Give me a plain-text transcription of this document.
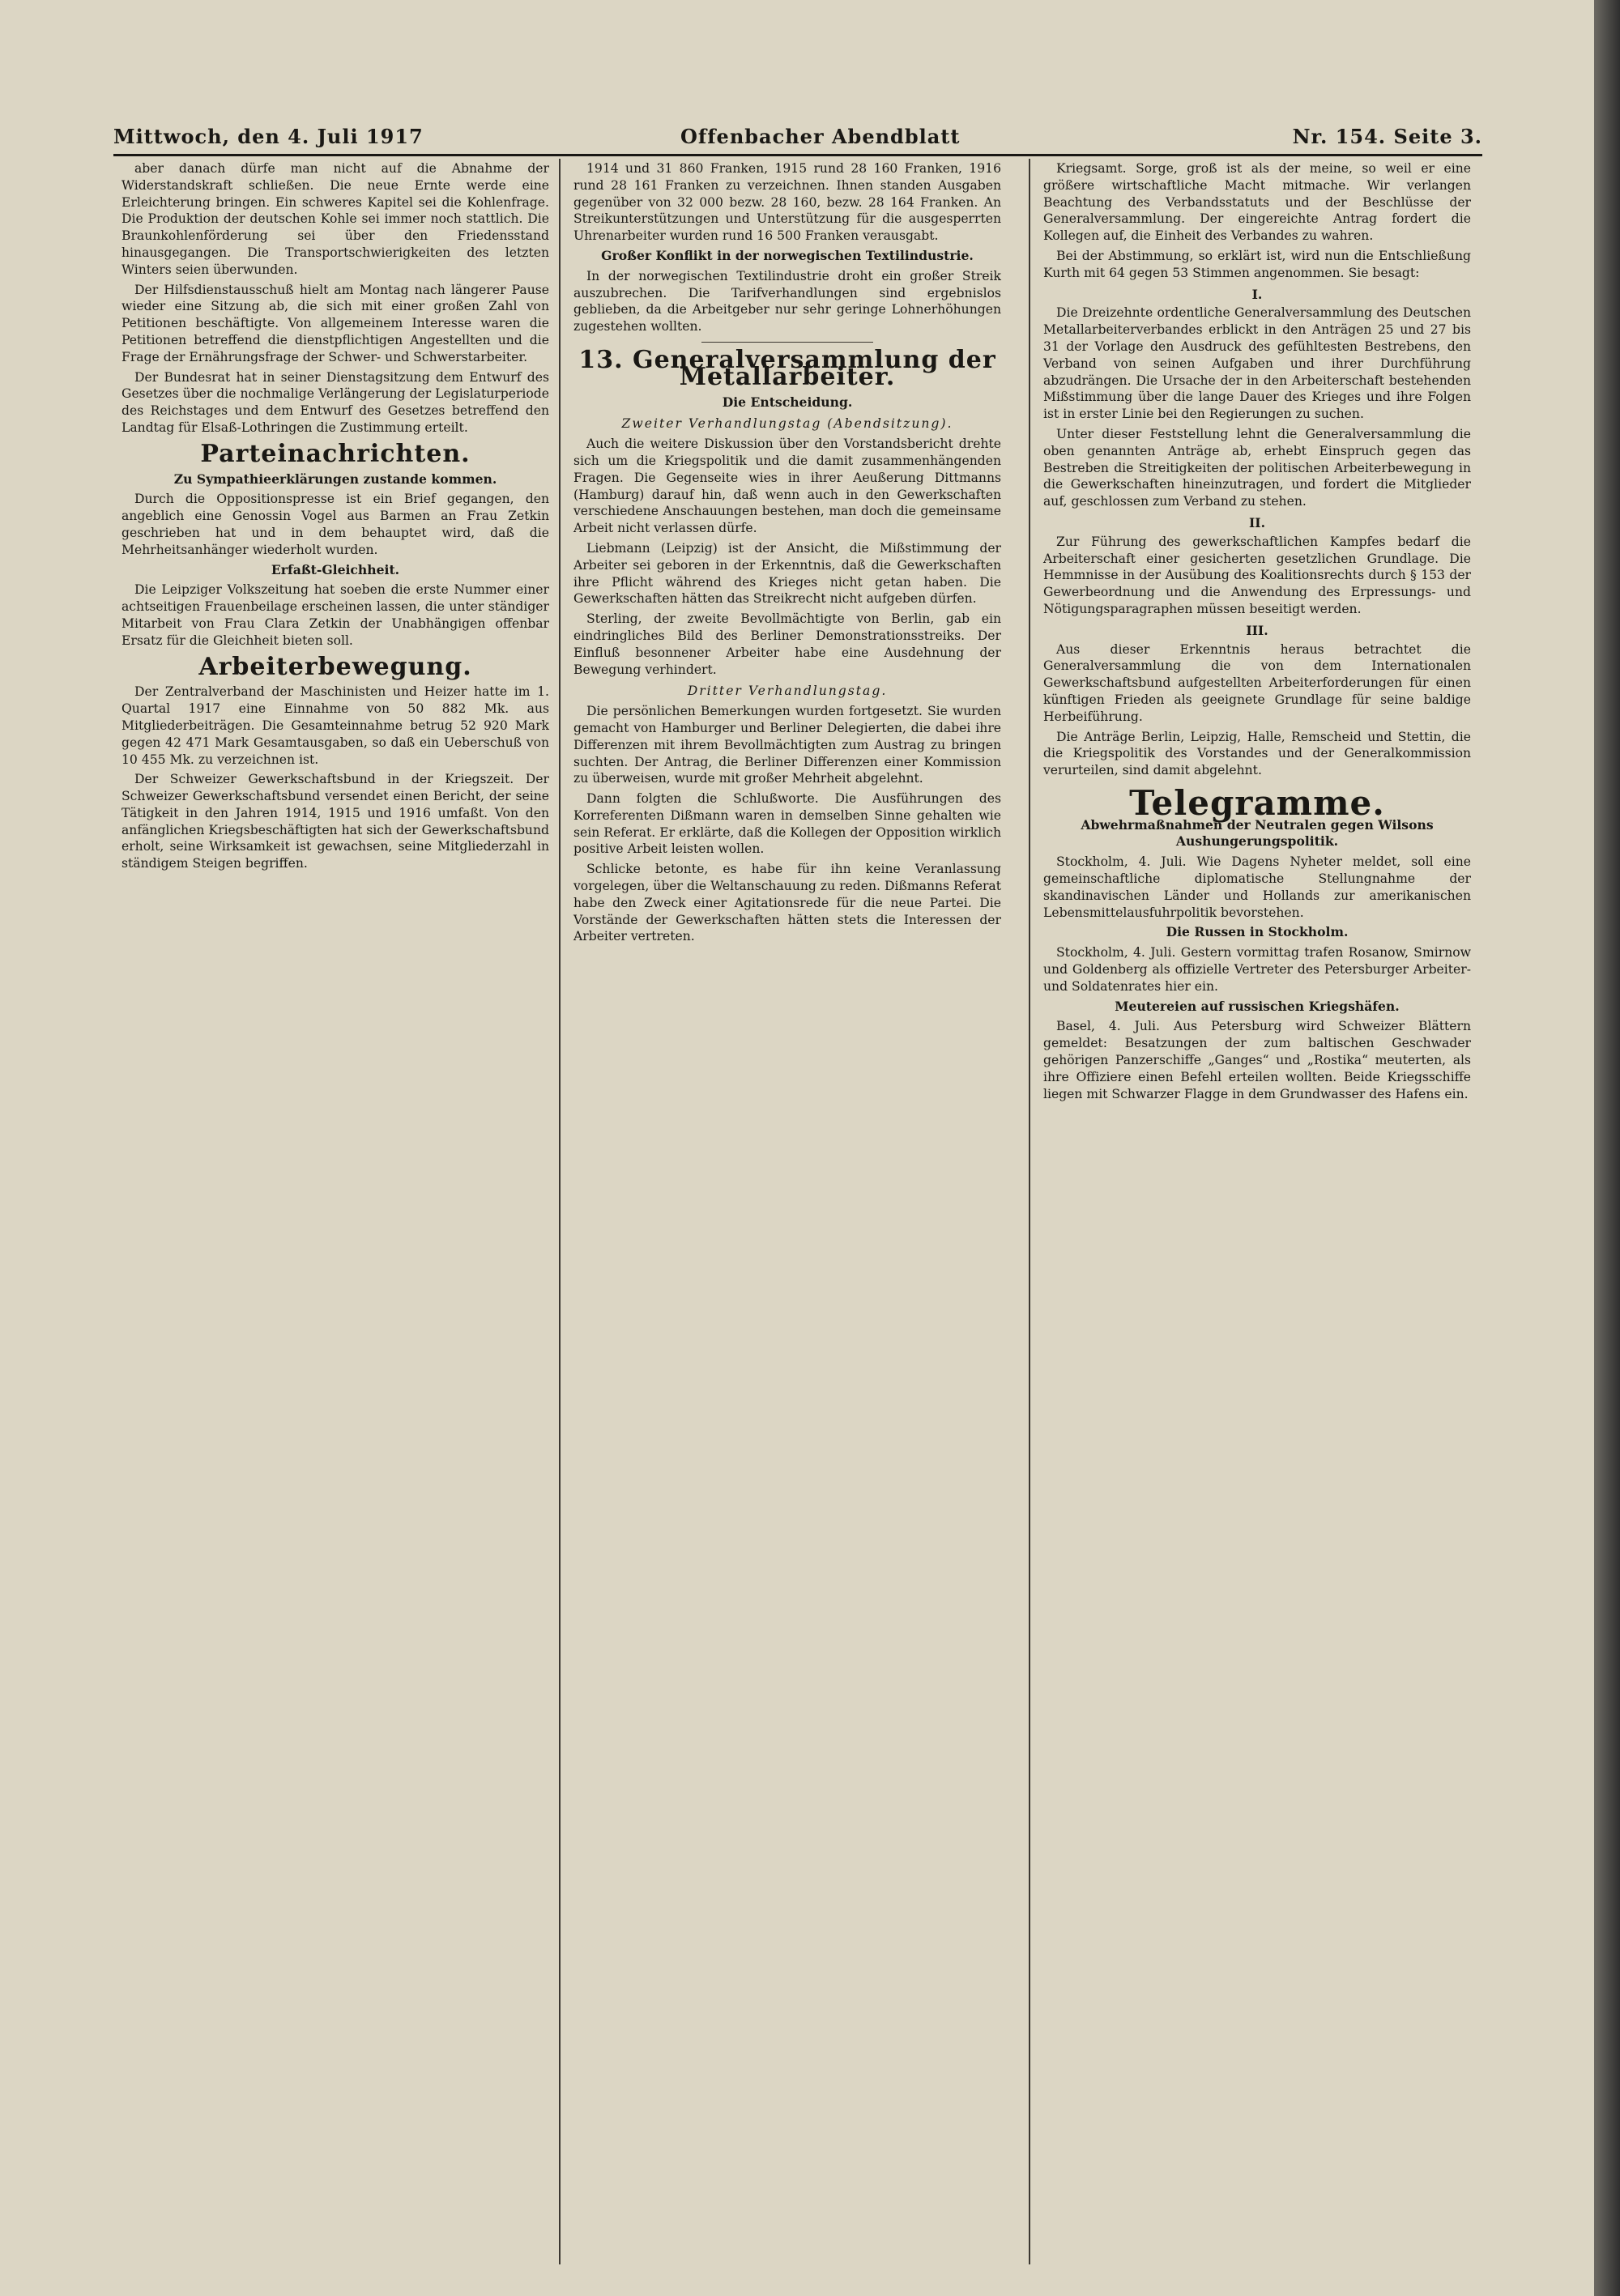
Mittwoch, den 4. Juli 1917	Offenbacher Abendblatt	Nr. 154. Seite 3.

aber danach dürfe man nicht auf die Abnahme der Widerstandskraft schließen. Die neue Ernte werde eine Erleichterung bringen. Ein schweres Kapitel sei die Kohlenfrage. Die Produktion der deutschen Kohle sei immer noch stattlich. Die Braunkohlenförderung sei über den Friedensstand hinausgegangen. Die Transportschwierigkeiten des letzten Winters seien überwunden.

Der Hilfsdienstausschuß hielt am Montag nach längerer Pause wieder eine Sitzung ab, die sich mit einer großen Zahl von Petitionen beschäftigte. Von allgemeinem Interesse waren die Petitionen betreffend die dienstpflichtigen Angestellten und die Frage der Ernährungsfrage der Schwer- und Schwerstarbeiter.

Der Bundesrat hat in seiner Dienstagsitzung dem Entwurf des Gesetzes über die nochmalige Verlängerung der Legislaturperiode des Reichstages und dem Entwurf des Gesetzes betreffend den Landtag für Elsaß-Lothringen die Zustimmung erteilt.

Parteinachrichten.
Zu Sympathieerklärungen zustande kommen.

Durch die Oppositionspresse ist ein Brief gegangen, den angeblich eine Genossin Vogel aus Barmen an Frau Zetkin geschrieben hat und in dem behauptet wird, daß die Mehrheitsanhänger wiederholt wurden.

Erfaßt-Gleichheit.

Die Leipziger Volkszeitung hat soeben die erste Nummer einer achtseitigen Frauenbeilage erscheinen lassen, die unter ständiger Mitarbeit von Frau Clara Zetkin der Unabhängigen offenbar Ersatz für die Gleichheit bieten soll.

Arbeiterbewegung.

Der Zentralverband der Maschinisten und Heizer hatte im 1. Quartal 1917 eine Einnahme von 50 882 Mk. aus Mitgliederbeiträgen. Die Gesamteinnahme betrug 52 920 Mark gegen 42 471 Mark Gesamtausgaben, so daß ein Ueberschuß von 10 455 Mk. zu verzeichnen ist.

Der Schweizer Gewerkschaftsbund in der Kriegszeit. Der Schweizer Gewerkschaftsbund versendet einen Bericht, der seine Tätigkeit in den Jahren 1914, 1915 und 1916 umfaßt. Von den anfänglichen Kriegsbeschäftigten hat sich der Gewerkschaftsbund erholt, seine Wirksamkeit ist gewachsen, seine Mitgliederzahl in ständigem Steigen begriffen.

1914 und 31 860 Franken, 1915 rund 28 160 Franken, 1916 rund 28 161 Franken zu verzeichnen. Ihnen standen Ausgaben gegenüber von 32 000 bezw. 28 160, bezw. 28 164 Franken. An Streikunterstützungen und Unterstützung für die ausgesperrten Uhrenarbeiter wurden rund 16 500 Franken verausgabt.

Großer Konflikt in der norwegischen Textilindustrie.

In der norwegischen Textilindustrie droht ein großer Streik auszubrechen. Die Tarifverhandlungen sind ergebnislos geblieben, da die Arbeitgeber nur sehr geringe Lohnerhöhungen zugestehen wollten.

13. Generalversammlung der Metallarbeiter.
Die Entscheidung.
Zweiter Verhandlungstag (Abendsitzung).

Auch die weitere Diskussion über den Vorstandsbericht drehte sich um die Kriegspolitik und die damit zusammenhängenden Fragen. Die Gegenseite wies in ihrer Aeußerung Dittmanns (Hamburg) darauf hin, daß wenn auch in den Gewerkschaften verschiedene Anschauungen bestehen, man doch die gemeinsame Arbeit nicht verlassen dürfe.

Liebmann (Leipzig) ist der Ansicht, die Mißstimmung der Arbeiter sei geboren in der Erkenntnis, daß die Gewerkschaften ihre Pflicht während des Krieges nicht getan haben. Die Gewerkschaften hätten das Streikrecht nicht aufgeben dürfen.

Sterling, der zweite Bevollmächtigte von Berlin, gab ein eindringliches Bild des Berliner Demonstrationsstreiks. Der Einfluß besonnener Arbeiter habe eine Ausdehnung der Bewegung verhindert.

Dritter Verhandlungstag.

Die persönlichen Bemerkungen wurden fortgesetzt. Sie wurden gemacht von Hamburger und Berliner Delegierten, die dabei ihre Differenzen mit ihrem Bevollmächtigten zum Austrag zu bringen suchten. Der Antrag, die Berliner Differenzen einer Kommission zu überweisen, wurde mit großer Mehrheit abgelehnt.

Dann folgten die Schlußworte. Die Ausführungen des Korreferenten Dißmann waren in demselben Sinne gehalten wie sein Referat. Er erklärte, daß die Kollegen der Opposition wirklich positive Arbeit leisten wollen.

Schlicke betonte, es habe für ihn keine Veranlassung vorgelegen, über die Weltanschauung zu reden. Dißmanns Referat habe den Zweck einer Agitationsrede für die neue Partei. Die Vorstände der Gewerkschaften hätten stets die Interessen der Arbeiter vertreten.

Kriegsamt. Sorge, groß ist als der meine, so weil er eine größere wirtschaftliche Macht mitmache. Wir verlangen Beachtung des Verbandsstatuts und der Beschlüsse der Generalversammlung. Der eingereichte Antrag fordert die Kollegen auf, die Einheit des Verbandes zu wahren.

Bei der Abstimmung, so erklärt ist, wird nun die Entschließung Kurth mit 64 gegen 53 Stimmen angenommen. Sie besagt:

I.

Die Dreizehnte ordentliche Generalversammlung des Deutschen Metallarbeiterverbandes erblickt in den Anträgen 25 und 27 bis 31 der Vorlage den Ausdruck des gefühltesten Bestrebens, den Verband von seinen Aufgaben und ihrer Durchführung abzudrängen. Die Ursache der in den Arbeiterschaft bestehenden Mißstimmung über die lange Dauer des Krieges und ihre Folgen ist in erster Linie bei den Regierungen zu suchen.

Unter dieser Feststellung lehnt die Generalversammlung die oben genannten Anträge ab, erhebt Einspruch gegen das Bestreben die Streitigkeiten der politischen Arbeiterbewegung in die Gewerkschaften hineinzutragen, und fordert die Mitglieder auf, geschlossen zum Verband zu stehen.

II.

Zur Führung des gewerkschaftlichen Kampfes bedarf die Arbeiterschaft einer gesicherten gesetzlichen Grundlage. Die Hemmnisse in der Ausübung des Koalitionsrechts durch § 153 der Gewerbeordnung und die Anwendung des Erpressungs- und Nötigungsparagraphen müssen beseitigt werden.

III.

Aus dieser Erkenntnis heraus betrachtet die Generalversammlung die von dem Internationalen Gewerkschaftsbund aufgestellten Arbeiterforderungen für einen künftigen Frieden als geeignete Grundlage für seine baldige Herbeiführung.

Die Anträge Berlin, Leipzig, Halle, Remscheid und Stettin, die die Kriegspolitik des Vorstandes und der Generalkommission verurteilen, sind damit abgelehnt.

Telegramme.
Abwehrmaßnahmen der Neutralen gegen Wilsons Aushungerungspolitik.

Stockholm, 4. Juli. Wie Dagens Nyheter meldet, soll eine gemeinschaftliche diplomatische Stellungnahme der skandinavischen Länder und Hollands zur amerikanischen Lebensmittelausfuhrpolitik bevorstehen.

Die Russen in Stockholm.

Stockholm, 4. Juli. Gestern vormittag trafen Rosanow, Smirnow und Goldenberg als offizielle Vertreter des Petersburger Arbeiter- und Soldatenrates hier ein.

Meutereien auf russischen Kriegshäfen.

Basel, 4. Juli. Aus Petersburg wird Schweizer Blättern gemeldet: Besatzungen der zum baltischen Geschwader gehörigen Panzerschiffe „Ganges“ und „Rostika“ meuterten, als ihre Offiziere einen Befehl erteilen wollten. Beide Kriegsschiffe liegen mit Schwarzer Flagge in dem Grundwasser des Hafens ein.
